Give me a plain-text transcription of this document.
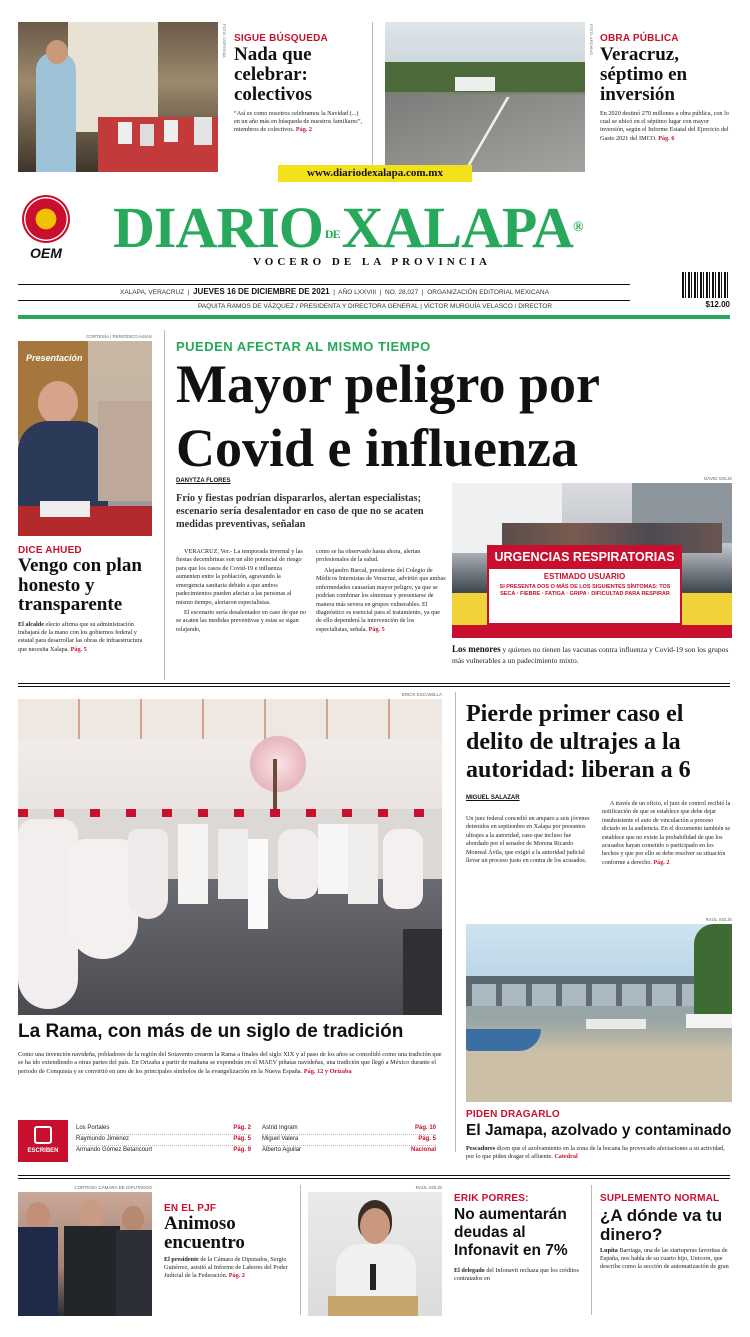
FOTO: CORTESÍA SIGUE BÚSQUEDA
Nada que celebrar: colectivos
“Así es como nosotros celebramos la Navidad (...) en un año más en búsqueda de nuestros familiares”, miembros de colectivos. Pág. 2
FOTO: ARCHIVO OBRA PÚBLICA
Veracruz, séptimo en inversión
En 2020 destinó 270 millones a obra pública, con lo cual se ubicó en el séptimo lugar con mayor inversión, según el Informe Estatal del Ejercicio del Gasto 2021 del IMCO. Pág. 6
www.diariodexalapa.com.mx
OEM DIARIO DEXALAPA®
VOCERO DE LA PROVINCIA
XALAPA, VERACRUZ  |  JUEVES 16 DE DICIEMBRE DE 2021  |  AÑO LXXVIII  |  NO. 28,027  |  ORGANIZACIÓN EDITORIAL MEXICANA
PAQUITA RAMOS DE VÁZQUEZ / PRESIDENTA Y DIRECTORA GENERAL | VÍCTOR MURGUÍA VELASCO / DIRECTOR	$12.00
CORTESÍA / PERIÓDICO ASIAS
Presentación
DICE AHUED
Vengo con plan honesto y transparente
El alcalde electo afirma que su administración trabajará de la mano con los gobiernos federal y estatal para desarrollar las obras de infraestructura que necesita Xalapa. Pág. 5
PUEDEN AFECTAR AL MISMO TIEMPO
Mayor peligro por
Covid e influenza
DANYTZA FLORES
Frío y fiestas podrían dispararlos, alertan especialistas; escenario sería desalentador en caso de que no se acaten medidas preventivas, señalan

VERACRUZ, Ver.- La temporada invernal y las fiestas decembrinas son un alto potencial de riesgo para que los casos de Covid-19 e influenza aumenten entre la población, agravando la emergencia sanitaria debido a que ambos padecimientos pueden afectar a las personas al mismo tiempo, alertaron especialistas.

El escenario sería desalentador en caso de que no se acaten las medidas preventivas y estas se sigan relajando,

como se ha observado hasta ahora, alertan profesionales de la salud.

Alejandro Barcal, presidente del Colegio de Médicos Internistas de Veracruz, advirtió que ambas enfermedades causarían mayor peligro, ya que se podrían combinar los síntomas y presentarse de manera más severa en grupos vulnerables. El diagnóstico es esencial para el tratamiento, ya que de ello dependerá la intervención de los especialistas, señala. Pág. 5

DAVID SOLIS
URGENCIAS RESPIRATORIAS
ESTIMADO USUARIO
SI PRESENTA DOS O MÁS DE LOS SIGUIENTES SÍNTOMAS: TOS SECA · FIEBRE · FATIGA · GRIPA · DIFICULTAD PARA RESPIRAR
Los menores y quienes no tienen las vacunas contra influenza y Covid-19 son los grupos más vulnerables a un padecimiento mixto.
ERICK ESCAMILLA
La Rama, con más de un siglo de tradición
Como una invención navideña, pobladores de la región del Sotavento crearon la Rama a finales del siglo XIX y al paso de los años se consolidó como una tradición que se ha ido extendiendo a otras partes del país. En Orizaba a partir de mañana se expondrán en el MAEV piñatas navideñas, una tradición que llegó a México durante el periodo de Conquista y se convirtió en uno de los principales símbolos de la evangelización en la Nueva España. Pág. 12 y Orizaba
Pierde primer caso el delito de ultrajes a la autoridad: liberan a 6
MIGUEL SALAZAR
Un juez federal concedió un amparo a seis jóvenes detenidos en septiembre en Xalapa por presuntos ultrajes a la autoridad, caso que incluso fue abordado por el senador de Morena Ricardo Monreal Ávila, que exigió a la autoridad judicial llevar un proceso justo en contra de los acusados.
A través de un oficio, el juez de control recibió la notificación de que se establece que debe dejar insubsistente el auto de vinculación a proceso dictado en la audiencia. En el documento también se establece que no existe la probabilidad de que los acusados hayan cometido o participado en los hechos y que por ello se debe resolver su situación conforme a derecho. Pág. 2
RAÚL SOLÍS
PIDEN DRAGARLO
El Jamapa, azolvado y contaminado
Pescadores dicen que el azolvamiento en la zona de la bocana ha provocado afectaciones a su actividad, por lo que piden dragar el afluente. Catedral
ESCRIBEN
Los Portales	Pág. 2
Raymundo Jiménez	Pág. 5
Armando Gómez Betancourt	Pág. 9
Astrid Ingram	Pág. 10
Miguel Valera	Pág. 5
Alberto Aguilar	Nacional
CORTESÍA CÁMARA DE DIPUTADOS
EN EL PJF
Animoso encuentro
El presidente de la Cámara de Diputados, Sergio Gutiérrez, asistió al Informe de Labores del Poder Judicial de la Federación. Pág. 2
RAÚL SOLÍS
ERIK PORRES:
No aumentarán deudas al Infonavit en 7%
El delegado del Infonavit rechaza que los créditos contratados en
SUPLEMENTO NORMAL
¿A dónde va tu dinero?
Lupita Barriaga, una de las startuperas favoritas de España, nos habla de su cuarto hijo, Unicorn, que describe como la sección de automatización de gran
